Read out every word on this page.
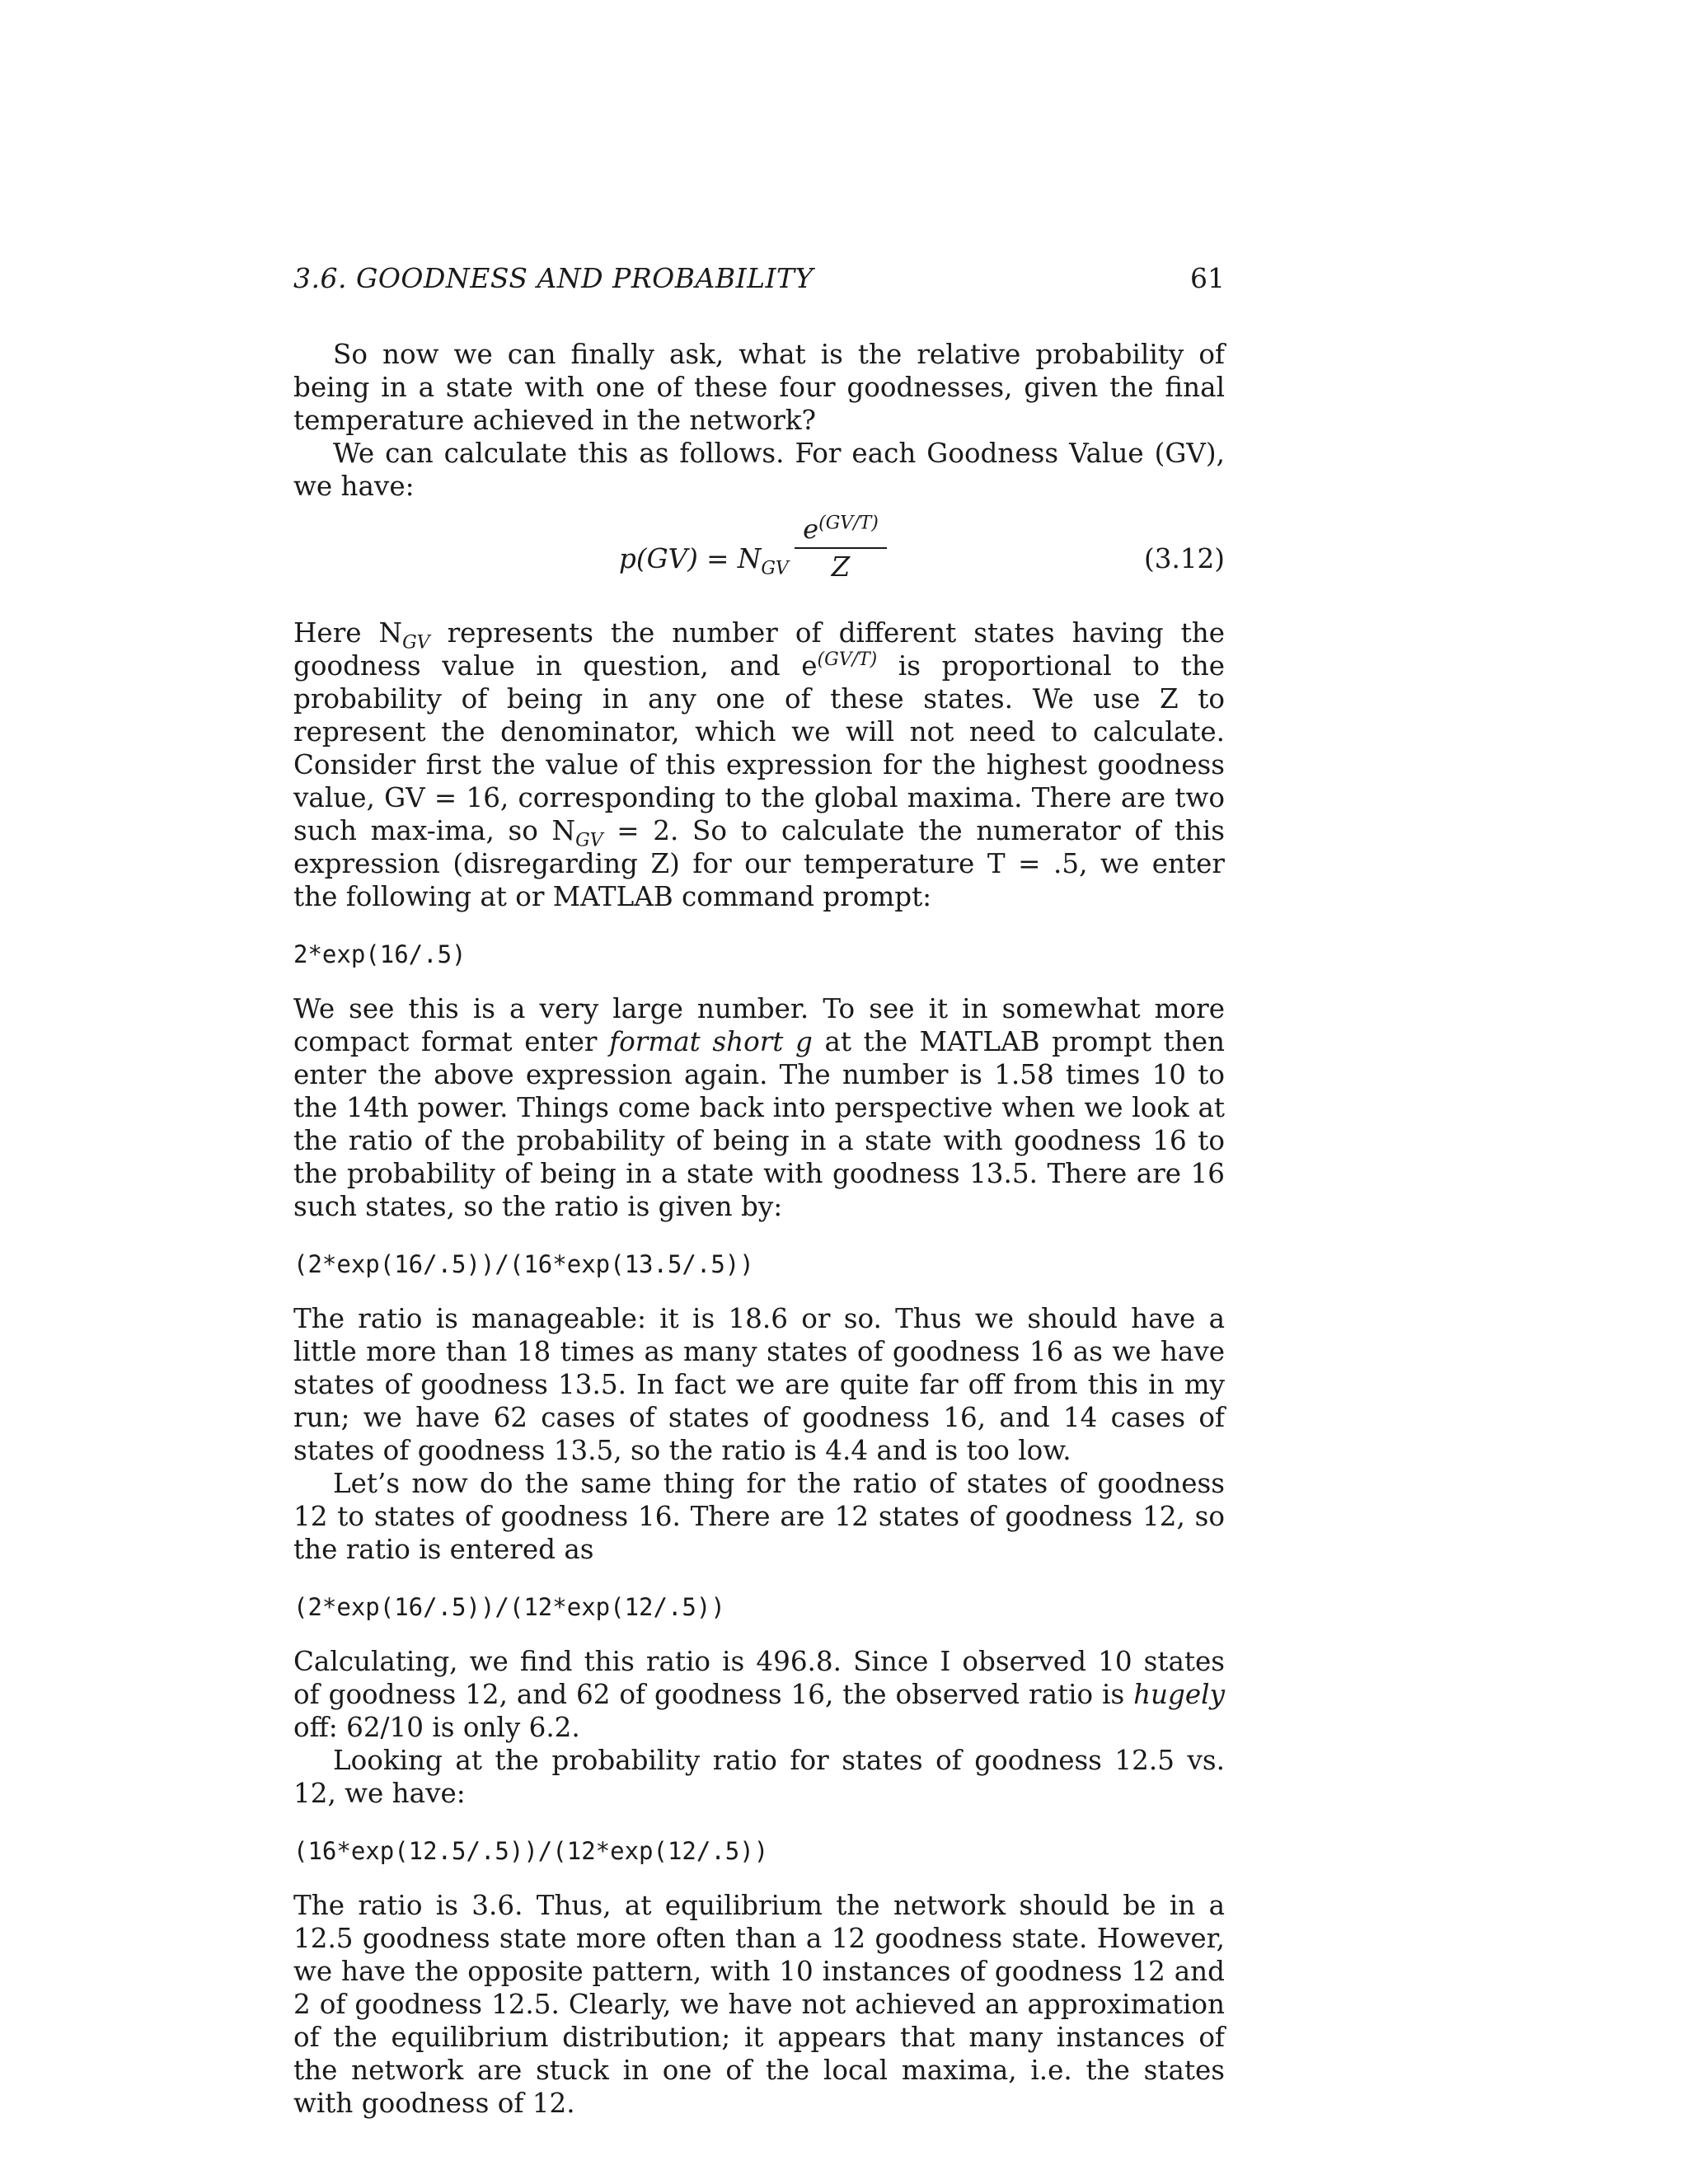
3.6. GOODNESS AND PROBABILITY	61

So now we can finally ask, what is the relative probability of being in a state with one of these four goodnesses, given the final temperature achieved in the network?

We can calculate this as follows. For each Goodness Value (GV), we have:

$p(GV) = N_{GV}$
$e^{(GV/T)}$
Z	(3.12)

Here $N_{GV}$ represents the number of different states having the goodness value in question, and $e^{(GV/T)}$ is proportional to the probability of being in any one of these states. We use Z to represent the denominator, which we will not need to calculate. Consider first the value of this expression for the highest goodness value, GV = 16, corresponding to the global maxima. There are two such max-ima, so $N_{GV} = 2$. So to calculate the numerator of this expression (disregarding Z) for our temperature T = .5, we enter the following at or MATLAB command prompt:

2*exp(16/.5)

We see this is a very large number. To see it in somewhat more compact format enter format short g at the MATLAB prompt then enter the above expression again. The number is 1.58 times 10 to the 14th power. Things come back into perspective when we look at the ratio of the probability of being in a state with goodness 16 to the probability of being in a state with goodness 13.5. There are 16 such states, so the ratio is given by:

(2*exp(16/.5))/(16*exp(13.5/.5))

The ratio is manageable: it is 18.6 or so. Thus we should have a little more than 18 times as many states of goodness 16 as we have states of goodness 13.5. In fact we are quite far off from this in my run; we have 62 cases of states of goodness 16, and 14 cases of states of goodness 13.5, so the ratio is 4.4 and is too low.

Let’s now do the same thing for the ratio of states of goodness 12 to states of goodness 16. There are 12 states of goodness 12, so the ratio is entered as

(2*exp(16/.5))/(12*exp(12/.5))

Calculating, we find this ratio is 496.8. Since I observed 10 states of goodness 12, and 62 of goodness 16, the observed ratio is hugely off: 62/10 is only 6.2.

Looking at the probability ratio for states of goodness 12.5 vs. 12, we have:

(16*exp(12.5/.5))/(12*exp(12/.5))

The ratio is 3.6. Thus, at equilibrium the network should be in a 12.5 goodness state more often than a 12 goodness state. However, we have the opposite pattern, with 10 instances of goodness 12 and 2 of goodness 12.5. Clearly, we have not achieved an approximation of the equilibrium distribution; it appears that many instances of the network are stuck in one of the local maxima, i.e. the states with goodness of 12.
